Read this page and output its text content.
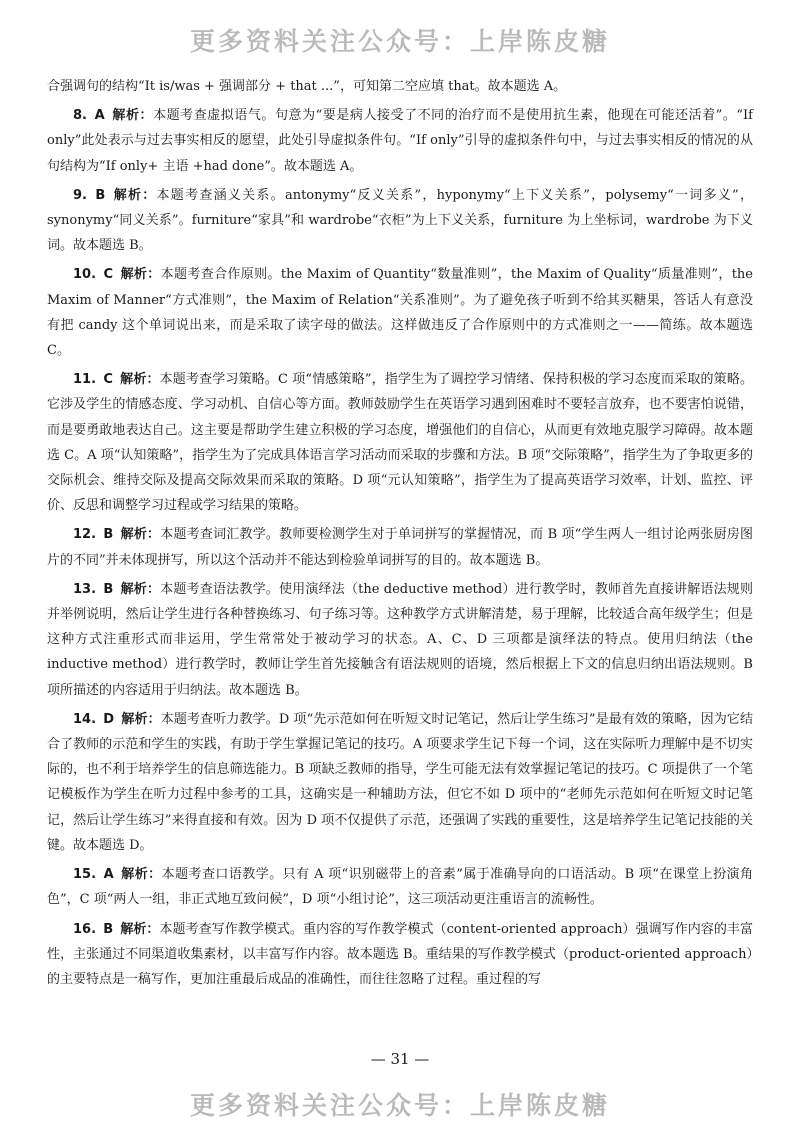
更多资料关注公众号：上岸陈皮糖

合强调句的结构“It is/was + 强调部分 + that ...”，可知第二空应填 that。故本题选 A。

8. A 解析：本题考查虚拟语气。句意为“要是病人接受了不同的治疗而不是使用抗生素，他现在可能还活着”。“If only”此处表示与过去事实相反的愿望，此处引导虚拟条件句。“If only”引导的虚拟条件句中，与过去事实相反的情况的从句结构为“If only+ 主语 +had done”。故本题选 A。

9. B 解析：本题考查涵义关系。antonymy“反义关系”，hyponymy“上下义关系”，polysemy“一词多义”，synonymy“同义关系”。furniture“家具”和 wardrobe“衣柜”为上下义关系，furniture 为上坐标词，wardrobe 为下义词。故本题选 B。

10. C 解析：本题考查合作原则。the Maxim of Quantity“数量准则”，the Maxim of Quality“质量准则”，the Maxim of Manner“方式准则”，the Maxim of Relation“关系准则”。为了避免孩子听到不给其买糖果，答话人有意没有把 candy 这个单词说出来，而是采取了读字母的做法。这样做违反了合作原则中的方式准则之一——简练。故本题选 C。

11. C 解析：本题考查学习策略。C 项“情感策略”，指学生为了调控学习情绪、保持积极的学习态度而采取的策略。它涉及学生的情感态度、学习动机、自信心等方面。教师鼓励学生在英语学习遇到困难时不要轻言放弃，也不要害怕说错，而是要勇敢地表达自己。这主要是帮助学生建立积极的学习态度，增强他们的自信心，从而更有效地克服学习障碍。故本题选 C。A 项“认知策略”，指学生为了完成具体语言学习活动而采取的步骤和方法。B 项“交际策略”，指学生为了争取更多的交际机会、维持交际及提高交际效果而采取的策略。D 项“元认知策略”，指学生为了提高英语学习效率，计划、监控、评价、反思和调整学习过程或学习结果的策略。

12. B 解析：本题考查词汇教学。教师要检测学生对于单词拼写的掌握情况，而 B 项“学生两人一组讨论两张厨房图片的不同”并未体现拼写，所以这个活动并不能达到检验单词拼写的目的。故本题选 B。

13. B 解析：本题考查语法教学。使用演绎法（the deductive method）进行教学时，教师首先直接讲解语法规则并举例说明，然后让学生进行各种替换练习、句子练习等。这种教学方式讲解清楚，易于理解，比较适合高年级学生；但是这种方式注重形式而非运用，学生常常处于被动学习的状态。A、C、D 三项都是演绎法的特点。使用归纳法（the inductive method）进行教学时，教师让学生首先接触含有语法规则的语境，然后根据上下文的信息归纳出语法规则。B 项所描述的内容适用于归纳法。故本题选 B。

14. D 解析：本题考查听力教学。D 项“先示范如何在听短文时记笔记，然后让学生练习”是最有效的策略，因为它结合了教师的示范和学生的实践，有助于学生掌握记笔记的技巧。A 项要求学生记下每一个词，这在实际听力理解中是不切实际的，也不利于培养学生的信息筛选能力。B 项缺乏教师的指导，学生可能无法有效掌握记笔记的技巧。C 项提供了一个笔记模板作为学生在听力过程中参考的工具，这确实是一种辅助方法，但它不如 D 项中的“老师先示范如何在听短文时记笔记，然后让学生练习”来得直接和有效。因为 D 项不仅提供了示范，还强调了实践的重要性，这是培养学生记笔记技能的关键。故本题选 D。

15. A 解析：本题考查口语教学。只有 A 项“识别磁带上的音素”属于准确导向的口语活动。B 项“在课堂上扮演角色”，C 项“两人一组，非正式地互致问候”，D 项“小组讨论”，这三项活动更注重语言的流畅性。

16. B 解析：本题考查写作教学模式。重内容的写作教学模式（content-oriented approach）强调写作内容的丰富性，主张通过不同渠道收集素材，以丰富写作内容。故本题选 B。重结果的写作教学模式（product-oriented approach）的主要特点是一稿写作，更加注重最后成品的准确性，而往往忽略了过程。重过程的写

— 31 —
更多资料关注公众号：上岸陈皮糖
